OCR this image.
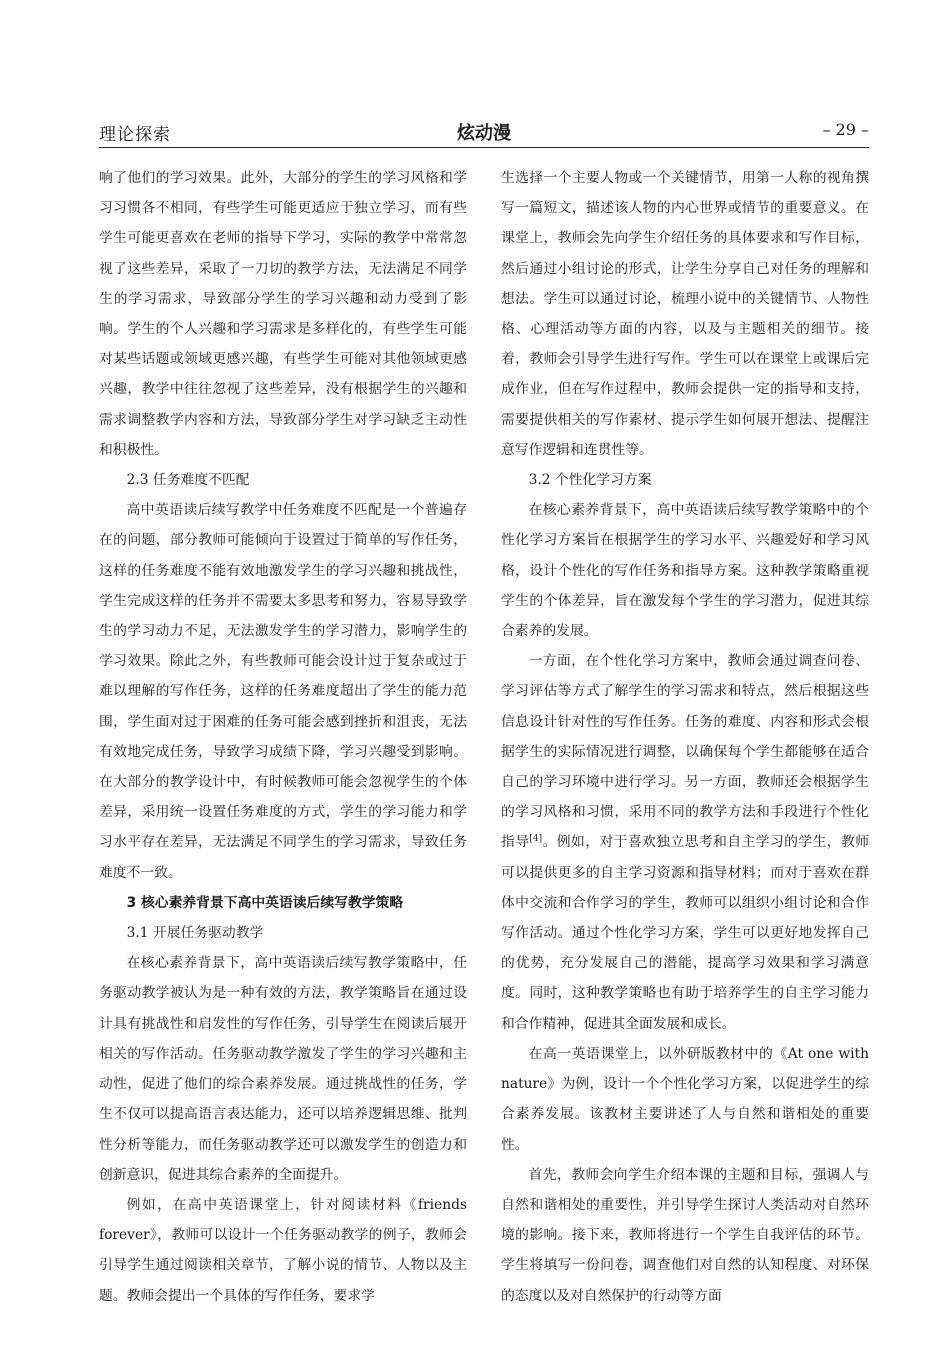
理论探索	炫动漫	– 29 –

响了他们的学习效果。此外，大部分的学生的学习风格和学习习惯各不相同，有些学生可能更适应于独立学习，而有些学生可能更喜欢在老师的指导下学习，实际的教学中常常忽视了这些差异，采取了一刀切的教学方法，无法满足不同学生的学习需求，导致部分学生的学习兴趣和动力受到了影响。学生的个人兴趣和学习需求是多样化的，有些学生可能对某些话题或领域更感兴趣，有些学生可能对其他领域更感兴趣，教学中往往忽视了这些差异，没有根据学生的兴趣和需求调整教学内容和方法，导致部分学生对学习缺乏主动性和积极性。

2.3 任务难度不匹配

高中英语读后续写教学中任务难度不匹配是一个普遍存在的问题，部分教师可能倾向于设置过于简单的写作任务，这样的任务难度不能有效地激发学生的学习兴趣和挑战性，学生完成这样的任务并不需要太多思考和努力，容易导致学生的学习动力不足，无法激发学生的学习潜力，影响学生的学习效果。除此之外，有些教师可能会设计过于复杂或过于难以理解的写作任务，这样的任务难度超出了学生的能力范围，学生面对过于困难的任务可能会感到挫折和沮丧，无法有效地完成任务，导致学习成绩下降，学习兴趣受到影响。在大部分的教学设计中，有时候教师可能会忽视学生的个体差异，采用统一设置任务难度的方式，学生的学习能力和学习水平存在差异，无法满足不同学生的学习需求，导致任务难度不一致。

3 核心素养背景下高中英语读后续写教学策略
3.1 开展任务驱动教学

在核心素养背景下，高中英语读后续写教学策略中，任务驱动教学被认为是一种有效的方法，教学策略旨在通过设计具有挑战性和启发性的写作任务，引导学生在阅读后展开相关的写作活动。任务驱动教学激发了学生的学习兴趣和主动性，促进了他们的综合素养发展。通过挑战性的任务，学生不仅可以提高语言表达能力，还可以培养逻辑思维、批判性分析等能力，而任务驱动教学还可以激发学生的创造力和创新意识，促进其综合素养的全面提升。

例如，在高中英语课堂上，针对阅读材料《friends forever》，教师可以设计一个任务驱动教学的例子，教师会引导学生通过阅读相关章节，了解小说的情节、人物以及主题。教师会提出一个具体的写作任务，要求学

生选择一个主要人物或一个关键情节，用第一人称的视角撰写一篇短文，描述该人物的内心世界或情节的重要意义。在课堂上，教师会先向学生介绍任务的具体要求和写作目标，然后通过小组讨论的形式，让学生分享自己对任务的理解和想法。学生可以通过讨论，梳理小说中的关键情节、人物性格、心理活动等方面的内容，以及与主题相关的细节。接着，教师会引导学生进行写作。学生可以在课堂上或课后完成作业，但在写作过程中，教师会提供一定的指导和支持，需要提供相关的写作素材、提示学生如何展开想法、提醒注意写作逻辑和连贯性等。

3.2 个性化学习方案

在核心素养背景下，高中英语读后续写教学策略中的个性化学习方案旨在根据学生的学习水平、兴趣爱好和学习风格，设计个性化的写作任务和指导方案。这种教学策略重视学生的个体差异，旨在激发每个学生的学习潜力，促进其综合素养的发展。

一方面，在个性化学习方案中，教师会通过调查问卷、学习评估等方式了解学生的学习需求和特点，然后根据这些信息设计针对性的写作任务。任务的难度、内容和形式会根据学生的实际情况进行调整，以确保每个学生都能够在适合自己的学习环境中进行学习。另一方面，教师还会根据学生的学习风格和习惯，采用不同的教学方法和手段进行个性化指导[4]。例如，对于喜欢独立思考和自主学习的学生，教师可以提供更多的自主学习资源和指导材料；而对于喜欢在群体中交流和合作学习的学生，教师可以组织小组讨论和合作写作活动。通过个性化学习方案，学生可以更好地发挥自己的优势，充分发展自己的潜能，提高学习效果和学习满意度。同时，这种教学策略也有助于培养学生的自主学习能力和合作精神，促进其全面发展和成长。

在高一英语课堂上，以外研版教材中的《At one with nature》为例，设计一个个性化学习方案，以促进学生的综合素养发展。该教材主要讲述了人与自然和谐相处的重要性。

首先，教师会向学生介绍本课的主题和目标，强调人与自然和谐相处的重要性，并引导学生探讨人类活动对自然环境的影响。接下来，教师将进行一个学生自我评估的环节。学生将填写一份问卷，调查他们对自然的认知程度、对环保的态度以及对自然保护的行动等方面
